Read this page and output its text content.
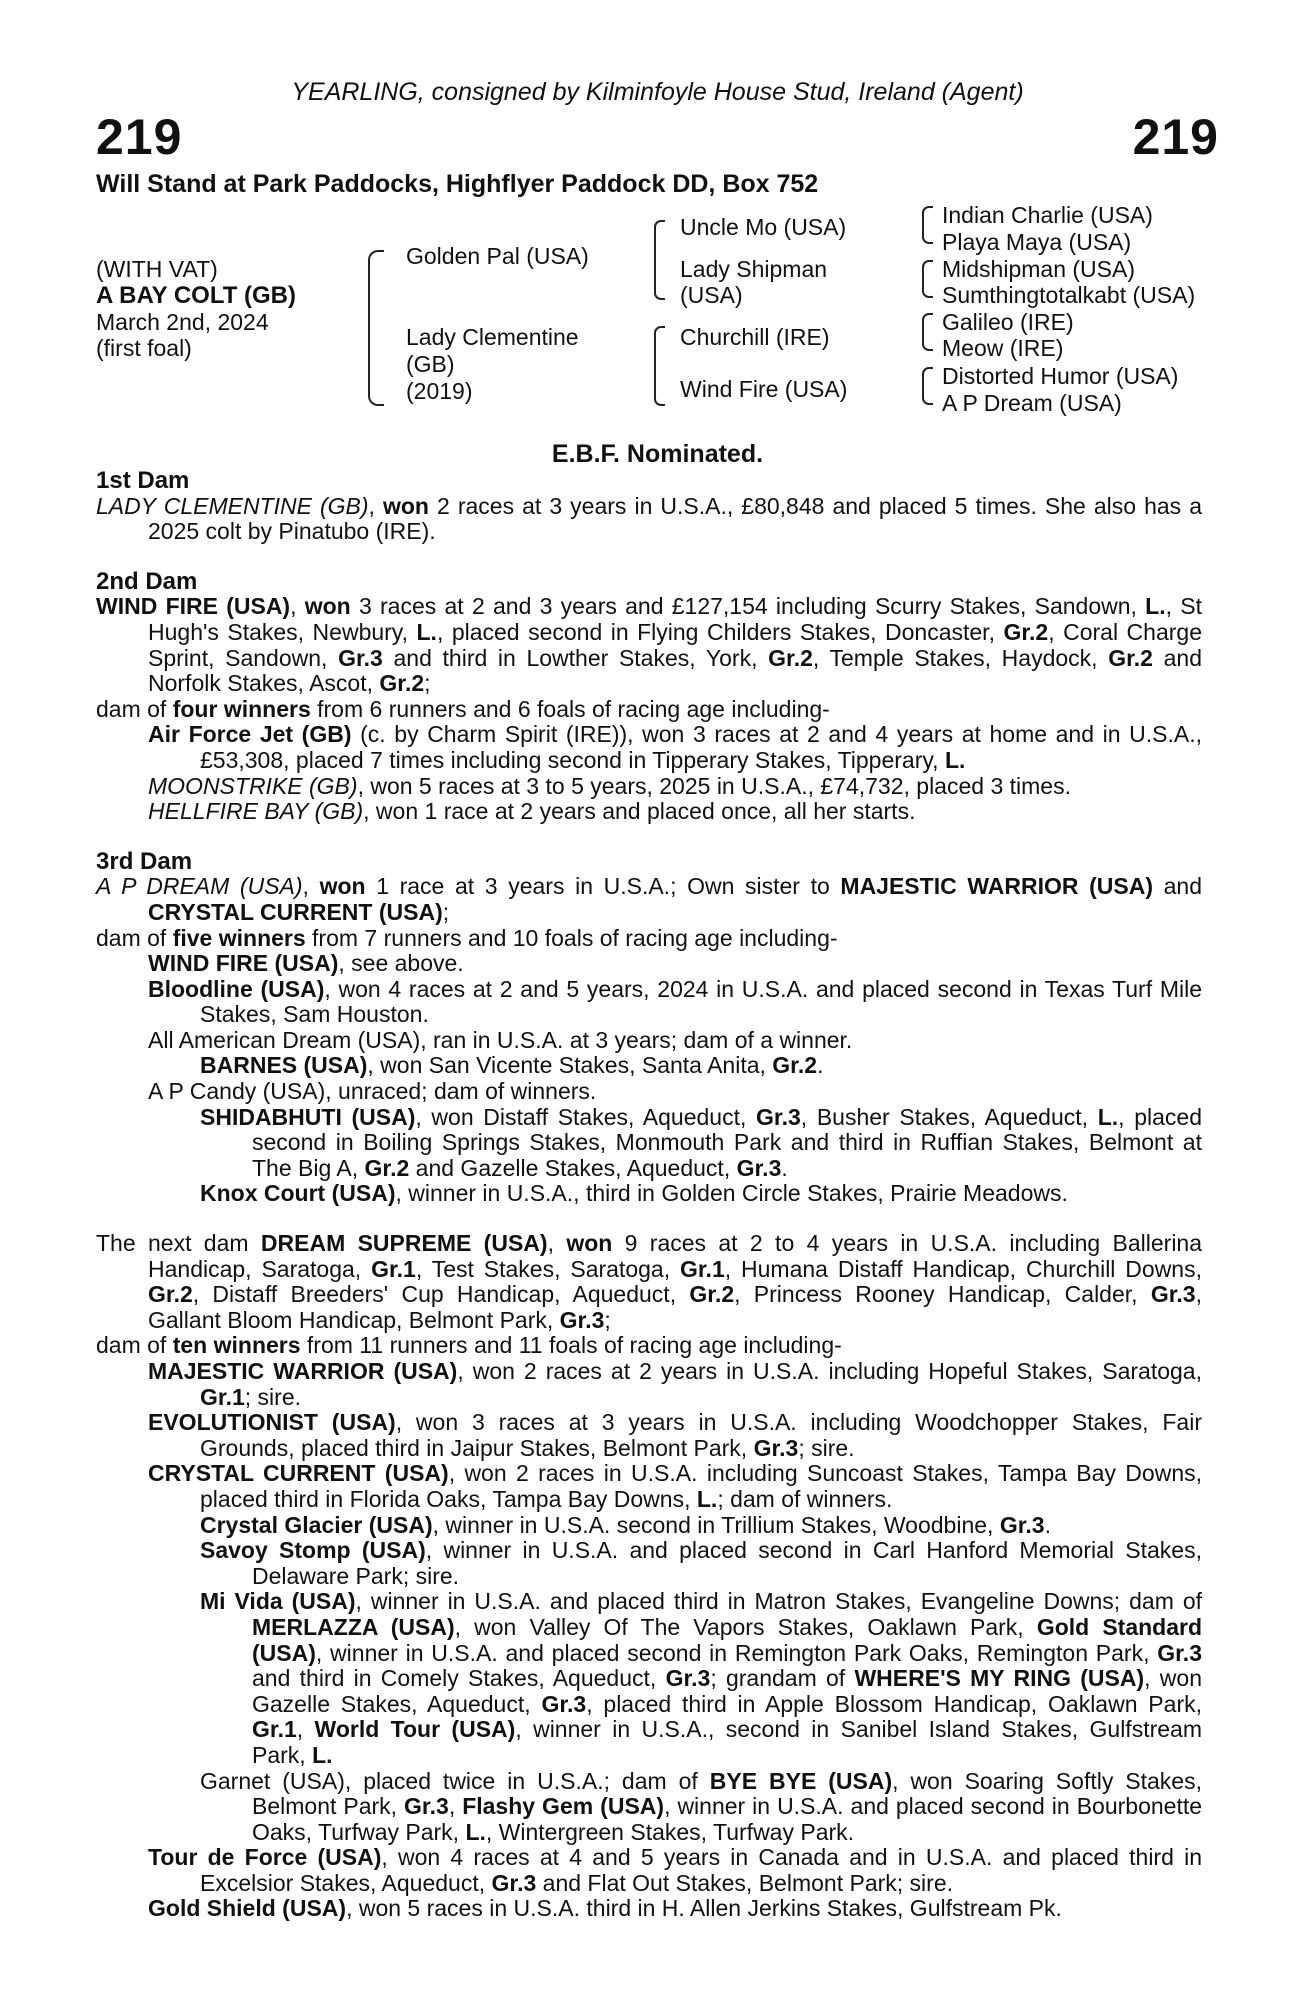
YEARLING, consigned by Kilminfoyle House Stud, Ireland (Agent)
219	219
Will Stand at Park Paddocks, Highflyer Paddock DD, Box 752
(WITH VAT)
A BAY COLT (GB)
March 2nd, 2024
(first foal)
Golden Pal (USA)
Lady Clementine
(GB)
(2019)
Uncle Mo (USA)
Lady Shipman
(USA)
Churchill (IRE)
Wind Fire (USA)
Indian Charlie (USA)
Playa Maya (USA)
Midshipman (USA)
Sumthingtotalkabt (USA)
Galileo (IRE)
Meow (IRE)
Distorted Humor (USA)
A P Dream (USA)
E.B.F. Nominated.

1st Dam

LADY CLEMENTINE (GB), won 2 races at 3 years in U.S.A., £80,848 and placed 5 times. She also has a 2025 colt by Pinatubo (IRE).

2nd Dam

WIND FIRE (USA), won 3 races at 2 and 3 years and £127,154 including Scurry Stakes, Sandown, L., St Hugh's Stakes, Newbury, L., placed second in Flying Childers Stakes, Doncaster, Gr.2, Coral Charge Sprint, Sandown, Gr.3 and third in Lowther Stakes, York, Gr.2, Temple Stakes, Haydock, Gr.2 and Norfolk Stakes, Ascot, Gr.2;

dam of four winners from 6 runners and 6 foals of racing age including-

Air Force Jet (GB) (c. by Charm Spirit (IRE)), won 3 races at 2 and 4 years at home and in U.S.A., £53,308, placed 7 times including second in Tipperary Stakes, Tipperary, L.

MOONSTRIKE (GB), won 5 races at 3 to 5 years, 2025 in U.S.A., £74,732, placed 3 times.

HELLFIRE BAY (GB), won 1 race at 2 years and placed once, all her starts.

3rd Dam

A P DREAM (USA), won 1 race at 3 years in U.S.A.; Own sister to MAJESTIC WARRIOR (USA) and CRYSTAL CURRENT (USA);

dam of five winners from 7 runners and 10 foals of racing age including-

WIND FIRE (USA), see above.

Bloodline (USA), won 4 races at 2 and 5 years, 2024 in U.S.A. and placed second in Texas Turf Mile Stakes, Sam Houston.

All American Dream (USA), ran in U.S.A. at 3 years; dam of a winner.

BARNES (USA), won San Vicente Stakes, Santa Anita, Gr.2.

A P Candy (USA), unraced; dam of winners.

SHIDABHUTI (USA), won Distaff Stakes, Aqueduct, Gr.3, Busher Stakes, Aqueduct, L., placed second in Boiling Springs Stakes, Monmouth Park and third in Ruffian Stakes, Belmont at The Big A, Gr.2 and Gazelle Stakes, Aqueduct, Gr.3.

Knox Court (USA), winner in U.S.A., third in Golden Circle Stakes, Prairie Meadows.

The next dam DREAM SUPREME (USA), won 9 races at 2 to 4 years in U.S.A. including Ballerina Handicap, Saratoga, Gr.1, Test Stakes, Saratoga, Gr.1, Humana Distaff Handicap, Churchill Downs, Gr.2, Distaff Breeders' Cup Handicap, Aqueduct, Gr.2, Princess Rooney Handicap, Calder, Gr.3, Gallant Bloom Handicap, Belmont Park, Gr.3;

dam of ten winners from 11 runners and 11 foals of racing age including-

MAJESTIC WARRIOR (USA), won 2 races at 2 years in U.S.A. including Hopeful Stakes, Saratoga, Gr.1; sire.

EVOLUTIONIST (USA), won 3 races at 3 years in U.S.A. including Woodchopper Stakes, Fair Grounds, placed third in Jaipur Stakes, Belmont Park, Gr.3; sire.

CRYSTAL CURRENT (USA), won 2 races in U.S.A. including Suncoast Stakes, Tampa Bay Downs, placed third in Florida Oaks, Tampa Bay Downs, L.; dam of winners.

Crystal Glacier (USA), winner in U.S.A. second in Trillium Stakes, Woodbine, Gr.3.

Savoy Stomp (USA), winner in U.S.A. and placed second in Carl Hanford Memorial Stakes, Delaware Park; sire.

Mi Vida (USA), winner in U.S.A. and placed third in Matron Stakes, Evangeline Downs; dam of MERLAZZA (USA), won Valley Of The Vapors Stakes, Oaklawn Park, Gold Standard (USA), winner in U.S.A. and placed second in Remington Park Oaks, Remington Park, Gr.3 and third in Comely Stakes, Aqueduct, Gr.3; grandam of WHERE'S MY RING (USA), won Gazelle Stakes, Aqueduct, Gr.3, placed third in Apple Blossom Handicap, Oaklawn Park, Gr.1, World Tour (USA), winner in U.S.A., second in Sanibel Island Stakes, Gulfstream Park, L.

Garnet (USA), placed twice in U.S.A.; dam of BYE BYE (USA), won Soaring Softly Stakes, Belmont Park, Gr.3, Flashy Gem (USA), winner in U.S.A. and placed second in Bourbonette Oaks, Turfway Park, L., Wintergreen Stakes, Turfway Park.

Tour de Force (USA), won 4 races at 4 and 5 years in Canada and in U.S.A. and placed third in Excelsior Stakes, Aqueduct, Gr.3 and Flat Out Stakes, Belmont Park; sire.

Gold Shield (USA), won 5 races in U.S.A. third in H. Allen Jerkins Stakes, Gulfstream Pk.
